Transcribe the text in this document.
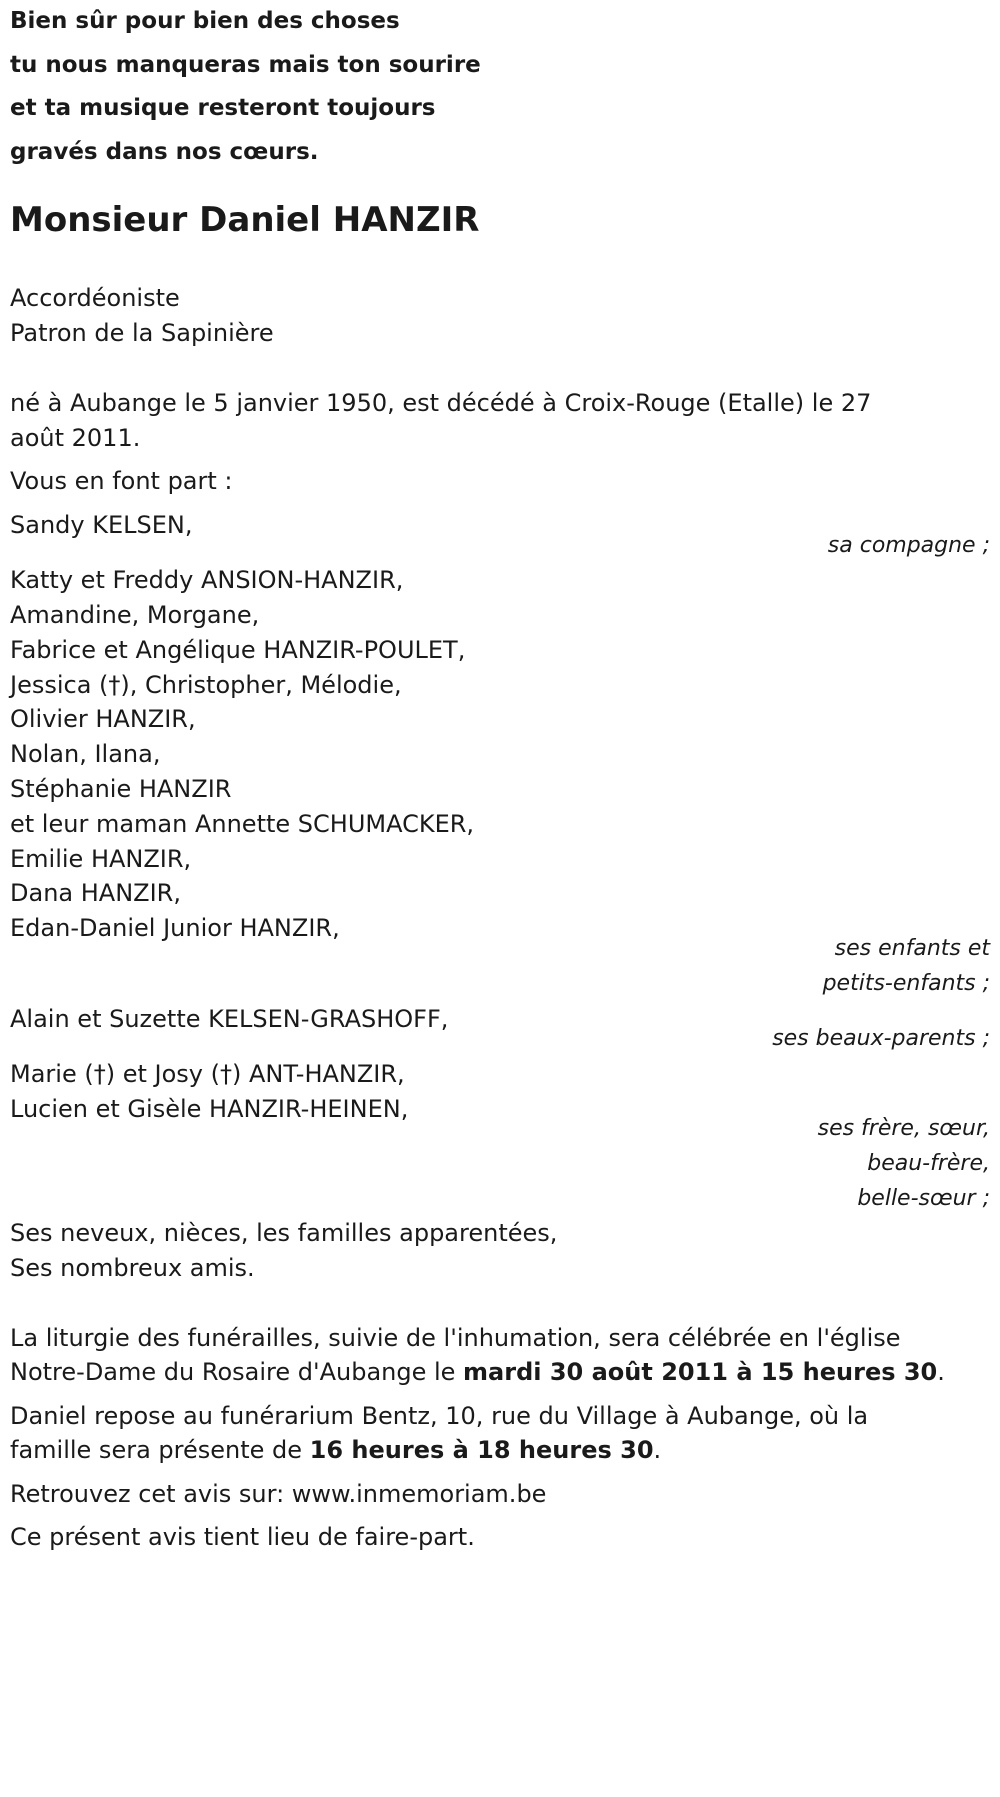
Bien sûr pour bien des choses
tu nous manqueras mais ton sourire
et ta musique resteront toujours
gravés dans nos cœurs.
Monsieur Daniel HANZIR
Accordéoniste
Patron de la Sapinière
né à Aubange le 5 janvier 1950, est décédé à Croix-Rouge (Etalle) le 27
août 2011.
Vous en font part :
Sandy KELSEN,
sa compagne ;
Katty et Freddy ANSION-HANZIR,
Amandine, Morgane,
Fabrice et Angélique HANZIR-POULET,
Jessica (†), Christopher, Mélodie,
Olivier HANZIR,
Nolan, Ilana,
Stéphanie HANZIR
et leur maman Annette SCHUMACKER,
Emilie HANZIR,
Dana HANZIR,
Edan-Daniel Junior HANZIR,
ses enfants et
petits-enfants ;
Alain et Suzette KELSEN-GRASHOFF,
ses beaux-parents ;
Marie (†) et Josy (†) ANT-HANZIR,
Lucien et Gisèle HANZIR-HEINEN,
ses frère, sœur,
beau-frère,
belle-sœur ;
Ses neveux, nièces, les familles apparentées,
Ses nombreux amis.
La liturgie des funérailles, suivie de l'inhumation, sera célébrée en l'église
Notre-Dame du Rosaire d'Aubange le mardi 30 août 2011 à 15 heures 30.
Daniel repose au funérarium Bentz, 10, rue du Village à Aubange, où la
famille sera présente de 16 heures à 18 heures 30.
Retrouvez cet avis sur: www.inmemoriam.be
Ce présent avis tient lieu de faire-part.
